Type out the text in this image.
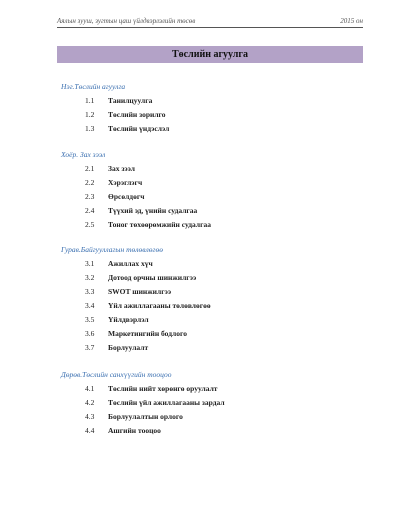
Аялын зууш, зугтын цаш үйлдвэрлэлийн төсөв	2015 он
Төслийн агуулга
Нэг.Төслийн агуулга
1.1	Танилцуулга
1.2	Төслийн зорилго
1.3	Төслийн үндэслэл
Хоёр. Зах зээл
2.1	Зах зээл
2.2	Хэрэглэгч
2.3	Өрсөлдөгч
2.4	Түүхий эд, үнийн судалгаа
2.5	Тоног төхөөрөмжийн судалгаа
Гурав.Байгууллагын төлөвлөгөө
3.1	Ажиллах хүч
3.2	Дотоод орчны шинжилгээ
3.3	SWOT шинжилгээ
3.4	Үйл ажиллагааны төлөвлөгөө
3.5	Үйлдвэрлэл
3.6	Маркетингийн бодлого
3.7	Борлуулалт
Дөрөв.Төслийн санхүүгийн тооцоо
4.1	Төслийн нийт хөрөнгө оруулалт
4.2	Төслийн үйл ажиллагааны зардал
4.3	Борлуулалтын орлого
4.4	Ашгийн тооцоо
